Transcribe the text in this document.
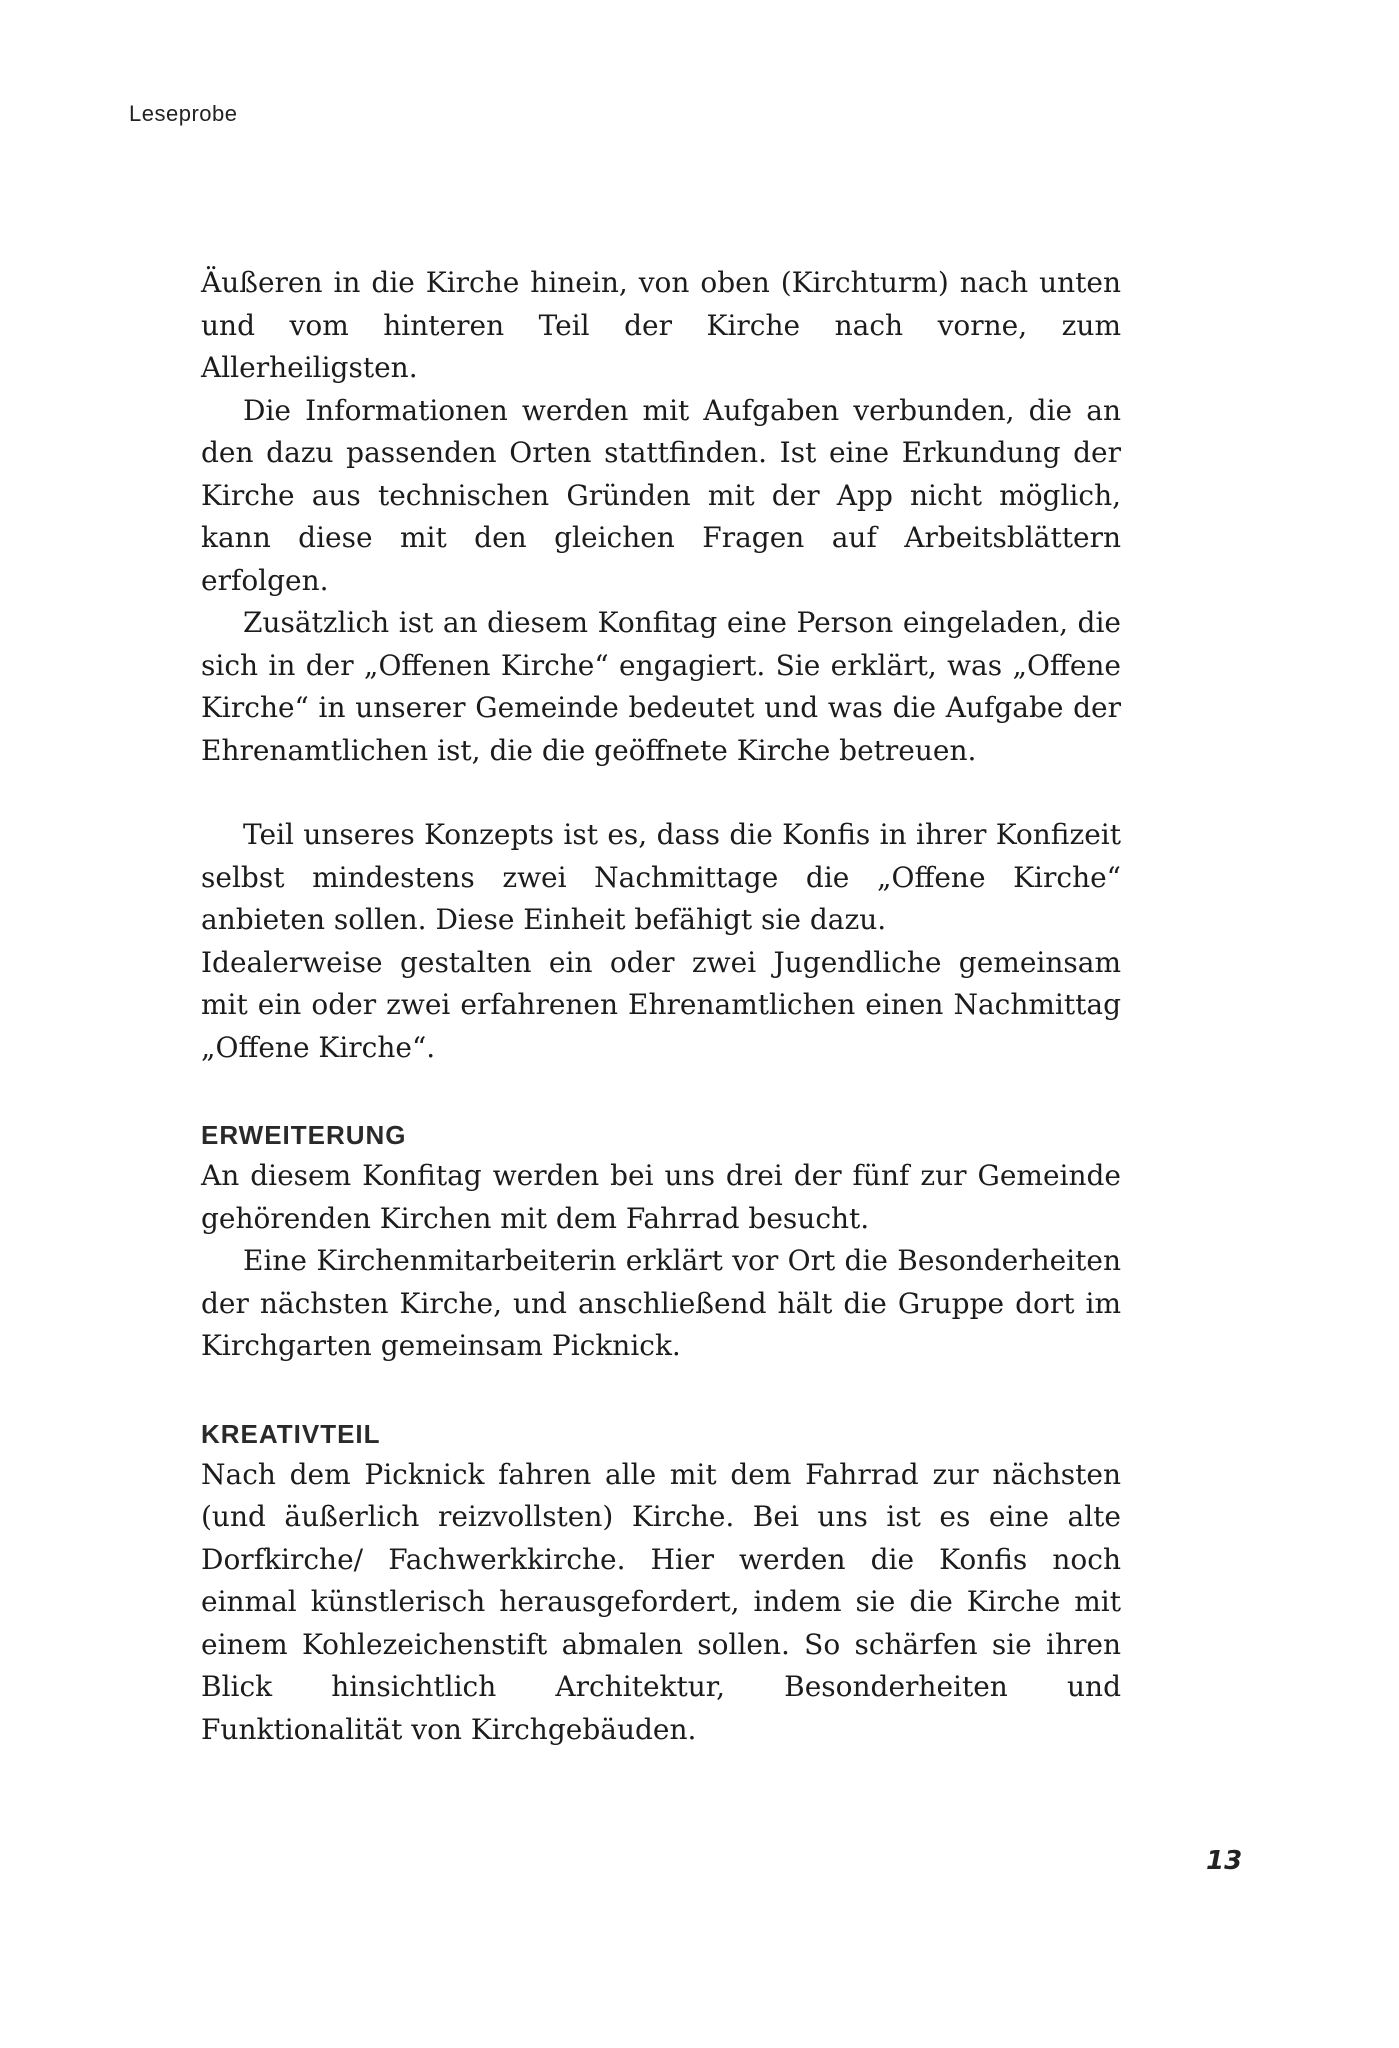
Leseprobe

Äußeren in die Kirche hinein, von oben (Kirchturm) nach unten und vom hinteren Teil der Kirche nach vorne, zum Allerheiligsten.

Die Informationen werden mit Aufgaben verbunden, die an den dazu passenden Orten stattfinden. Ist eine Erkundung der Kirche aus technischen Gründen mit der App nicht möglich, kann diese mit den gleichen Fragen auf Arbeitsblättern erfolgen.

Zusätzlich ist an diesem Konfitag eine Person eingeladen, die sich in der „Offenen Kirche“ engagiert. Sie erklärt, was „Offene Kirche“ in unserer Gemeinde bedeutet und was die Aufgabe der Ehrenamtlichen ist, die die geöffnete Kirche betreuen.

Teil unseres Konzepts ist es, dass die Konfis in ihrer Konfizeit selbst mindestens zwei Nachmittage die „Offene Kirche“ anbieten sollen. Diese Einheit befähigt sie dazu.

Idealerweise gestalten ein oder zwei Jugendliche gemeinsam mit ein oder zwei erfahrenen Ehrenamtlichen einen Nachmittag „Offene Kirche“.

ERWEITERUNG

An diesem Konfitag werden bei uns drei der fünf zur Gemeinde gehörenden Kirchen mit dem Fahrrad besucht.

Eine Kirchenmitarbeiterin erklärt vor Ort die Besonderheiten der nächsten Kirche, und anschließend hält die Gruppe dort im Kirchgarten gemeinsam Picknick.

KREATIVTEIL

Nach dem Picknick fahren alle mit dem Fahrrad zur nächsten (und äußerlich reizvollsten) Kirche. Bei uns ist es eine alte Dorfkirche/ Fachwerkkirche. Hier werden die Konfis noch einmal künstlerisch herausgefordert, indem sie die Kirche mit einem Kohlezeichenstift abmalen sollen. So schärfen sie ihren Blick hinsichtlich Architektur, Besonderheiten und Funktionalität von Kirchgebäuden.

13
